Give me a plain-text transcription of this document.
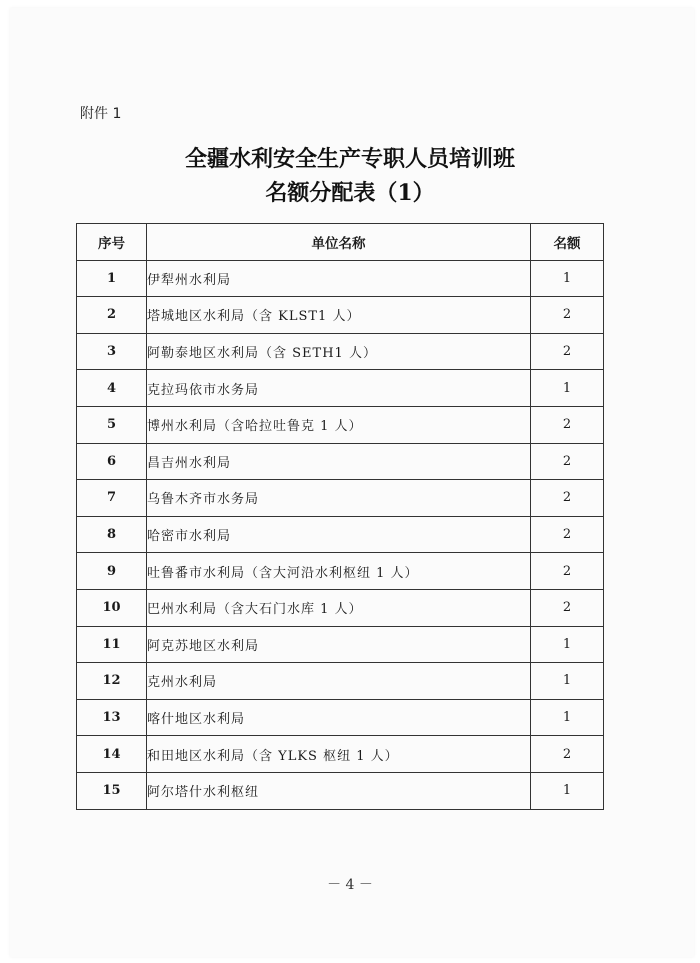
附件 1
全疆水利安全生产专职人员培训班
名额分配表（1）
序号	单位名称	名额
1	伊犁州水利局	1
2	塔城地区水利局（含 KLST1 人）	2
3	阿勒泰地区水利局（含 SETH1 人）	2
4	克拉玛依市水务局	1
5	博州水利局（含哈拉吐鲁克 1 人）	2
6	昌吉州水利局	2
7	乌鲁木齐市水务局	2
8	哈密市水利局	2
9	吐鲁番市水利局（含大河沿水利枢纽 1 人）	2
10	巴州水利局（含大石门水库 1 人）	2
11	阿克苏地区水利局	1
12	克州水利局	1
13	喀什地区水利局	1
14	和田地区水利局（含 YLKS 枢纽 1 人）	2
15	阿尔塔什水利枢纽	1
－ 4 －
